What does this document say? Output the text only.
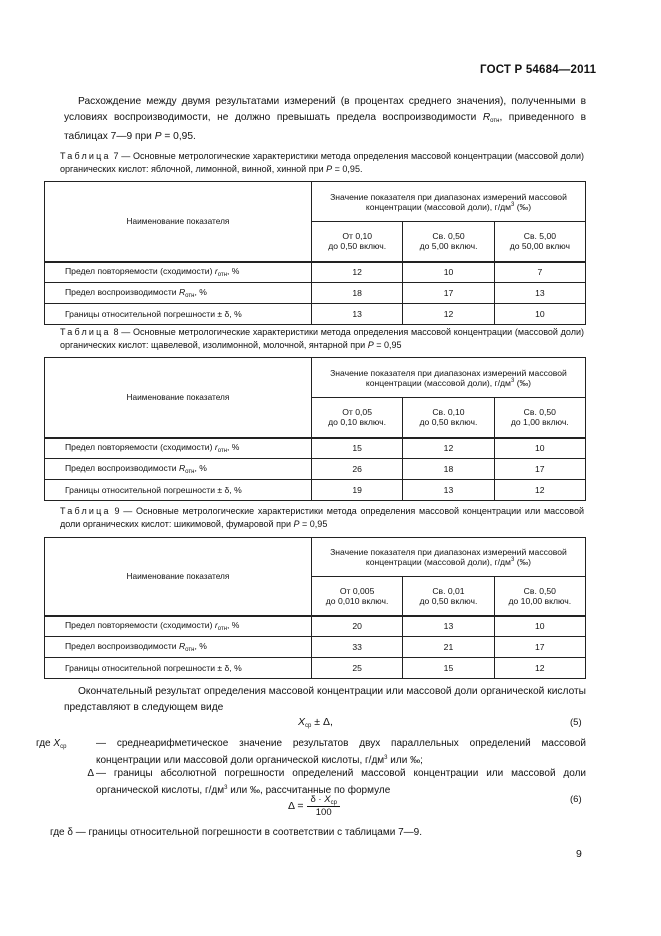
ГОСТ Р 54684—2011
Расхождение между двумя результатами измерений (в процентах среднего значения), полученными в условиях воспроизводимости, не должно превышать предела воспроизводимости $R_{отн}$, приведенного в таблицах 7—9 при P = 0,95.
Таблица 7 — Основные метрологические характеристики метода определения массовой концентрации (массовой доли) органических кислот: яблочной, лимонной, винной, хинной при P = 0,95.
Наименование показателя	Значение показателя при диапазонах измерений массовой концентрации (массовой доли), $г/дм^3$ (‰)		
	От 0,10
до 0,50 включ.	Св. 0,50
до 5,00 включ.	Св. 5,00
до 50,00 включ
Предел повторяемости (сходимости) $r_{отн}$, %	12	10	7
Предел воспроизводимости $R_{отн}$, %	18	17	13
Границы относительной погрешности ± δ, %	13	12	10
Таблица 8 — Основные метрологические характеристики метода определения массовой концентрации (массовой доли) органических кислот: щавелевой, изолимонной, молочной, янтарной при P = 0,95
Наименование показателя	Значение показателя при диапазонах измерений массовой концентрации (массовой доли), $г/дм^3$ (‰)		
	От 0,05
до 0,10 включ.	Св. 0,10
до 0,50 включ.	Св. 0,50
до 1,00 включ.
Предел повторяемости (сходимости) $r_{отн}$, %	15	12	10
Предел воспроизводимости $R_{отн}$, %	26	18	17
Границы относительной погрешности ± δ, %	19	13	12
Таблица 9 — Основные метрологические характеристики метода определения массовой концентрации или массовой доли органических кислот: шикимовой, фумаровой при P = 0,95
Наименование показателя	Значение показателя при диапазонах измерений массовой концентрации (массовой доли), $г/дм^3$ (‰)		
	От 0,005
до 0,010 включ.	Св. 0,01
до 0,50 включ.	Св. 0,50
до 10,00 включ.
Предел повторяемости (сходимости) $r_{отн}$, %	20	13	10
Предел воспроизводимости $R_{отн}$, %	33	21	17
Границы относительной погрешности ± δ, %	25	15	12
Окончательный результат определения массовой концентрации или массовой доли органической кислоты представляют в следующем виде
$X_{ср} \pm \Delta$,	(5)
где $X_{ср}$	— среднеарифметическое значение результатов двух параллельных определений массовой концентрации или массовой доли органической кислоты, $г/дм^3$ или ‰;
Δ — границы абсолютной погрешности определений массовой концентрации или массовой доли органической кислоты, $г/дм^3$ или ‰, рассчитанные по формуле
Δ =
$\delta \cdot X_{ср}$
100
(6)
где δ — границы относительной погрешности в соответствии с таблицами 7—9.
9
